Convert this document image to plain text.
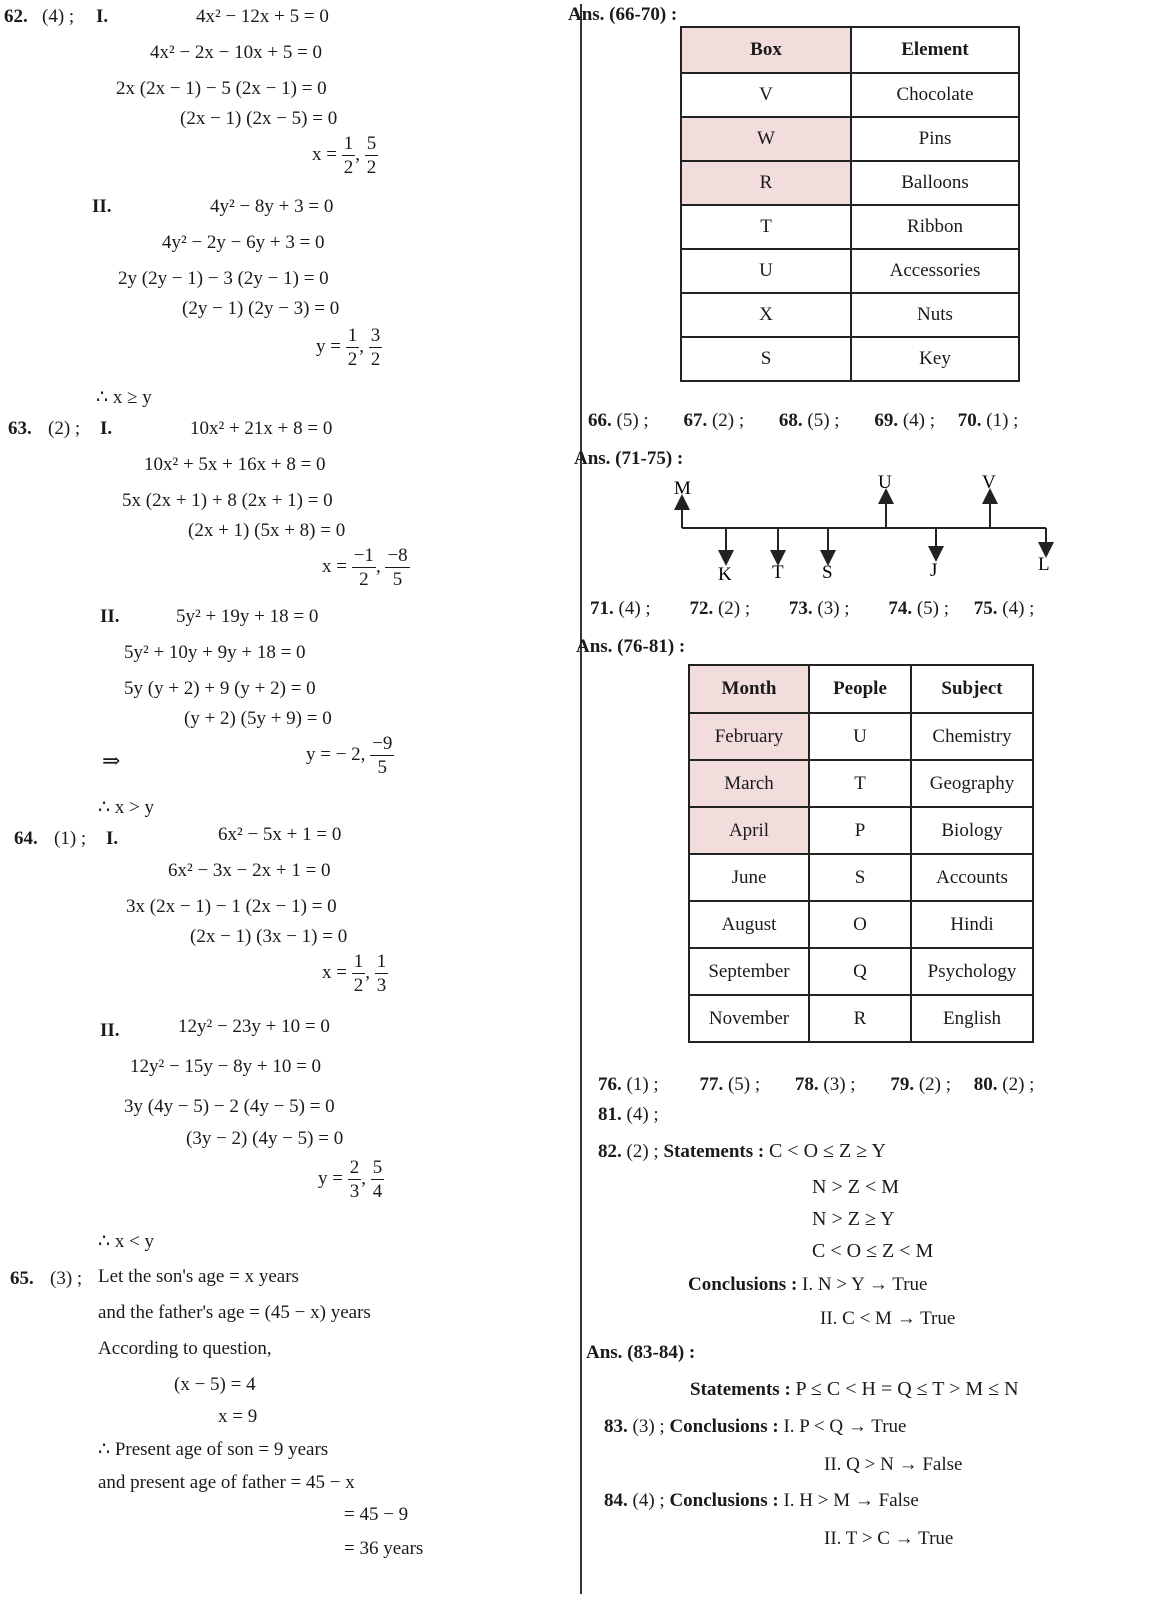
62. (4) ; I.	4x² − 12x + 5 = 0
4x² − 2x − 10x + 5 = 0
2x (2x − 1) − 5 (2x − 1) = 0
(2x − 1) (2x − 5) = 0
$x = \frac{1}{2}$ , $\frac{5}{2}$
II.	4y² − 8y + 3 = 0
4y² − 2y − 6y + 3 = 0
2y (2y − 1) − 3 (2y − 1) = 0
(2y − 1) (2y − 3) = 0
$y = \frac{1}{2}$ , $\frac{3}{2}$
∴ x ≥ y
63. (2) ; I.	10x² + 21x + 8 = 0
10x² + 5x + 16x + 8 = 0
5x (2x + 1) + 8 (2x + 1) = 0
(2x + 1) (5x + 8) = 0
$x = \frac{-1}{2}$ , $\frac{-8}{5}$
II.	5y² + 19y + 18 = 0
5y² + 10y + 9y + 18 = 0
5y (y + 2) + 9 (y + 2) = 0
(y + 2) (5y + 9) = 0
⇒	y = − 2, $\frac{-9}{5}$
∴ x > y
64. (1) ; I.	6x² − 5x + 1 = 0
6x² − 3x − 2x + 1 = 0
3x (2x − 1) − 1 (2x − 1) = 0
(2x − 1) (3x − 1) = 0
$x = \frac{1}{2}$ , $\frac{1}{3}$
II.	12y² − 23y + 10 = 0
12y² − 15y − 8y + 10 = 0
3y (4y − 5) − 2 (4y − 5) = 0
(3y − 2) (4y − 5) = 0
$y = \frac{2}{3}$ , $\frac{5}{4}$
∴ x < y
65. (3) ; Let the son's age = x years
and the father's age = (45 − x) years
According to question,
(x − 5) = 4
x = 9
∴ Present age of son = 9 years
and present age of father = 45 − x
= 45 − 9
= 36 years
Ans. (66-70) :
Box	Element
V	Chocolate
W	Pins
R	Balloons
T	Ribbon
U	Accessories
X	Nuts
S	Key
66. (5) ; 67. (2) ; 68. (5) ; 69. (4) ; 70. (1) ;
Ans. (71-75) :
M	U	V
K T S	J	L
71. (4) ; 72. (2) ; 73. (3) ; 74. (5) ; 75. (4) ;
Ans. (76-81) :
Month	People	Subject
February	U	Chemistry
March	T	Geography
April	P	Biology
June	S	Accounts
August	O	Hindi
September	Q	Psychology
November	R	English
76. (1) ; 77. (5) ; 78. (3) ; 79. (2) ; 80. (2) ;
81. (4) ;
82. (2) ; Statements : C < O ≤ Z ≥ Y
N > Z < M
N > Z ≥ Y
C < O ≤ Z < M
Conclusions : I. N > Y → True
II. C < M → True
Ans. (83-84) :
Statements : P ≤ C < H = Q ≤ T > M ≤ N
83. (3) ; Conclusions : I. P < Q → True
II. Q > N → False
84. (4) ; Conclusions : I. H > M → False
II. T > C → True
